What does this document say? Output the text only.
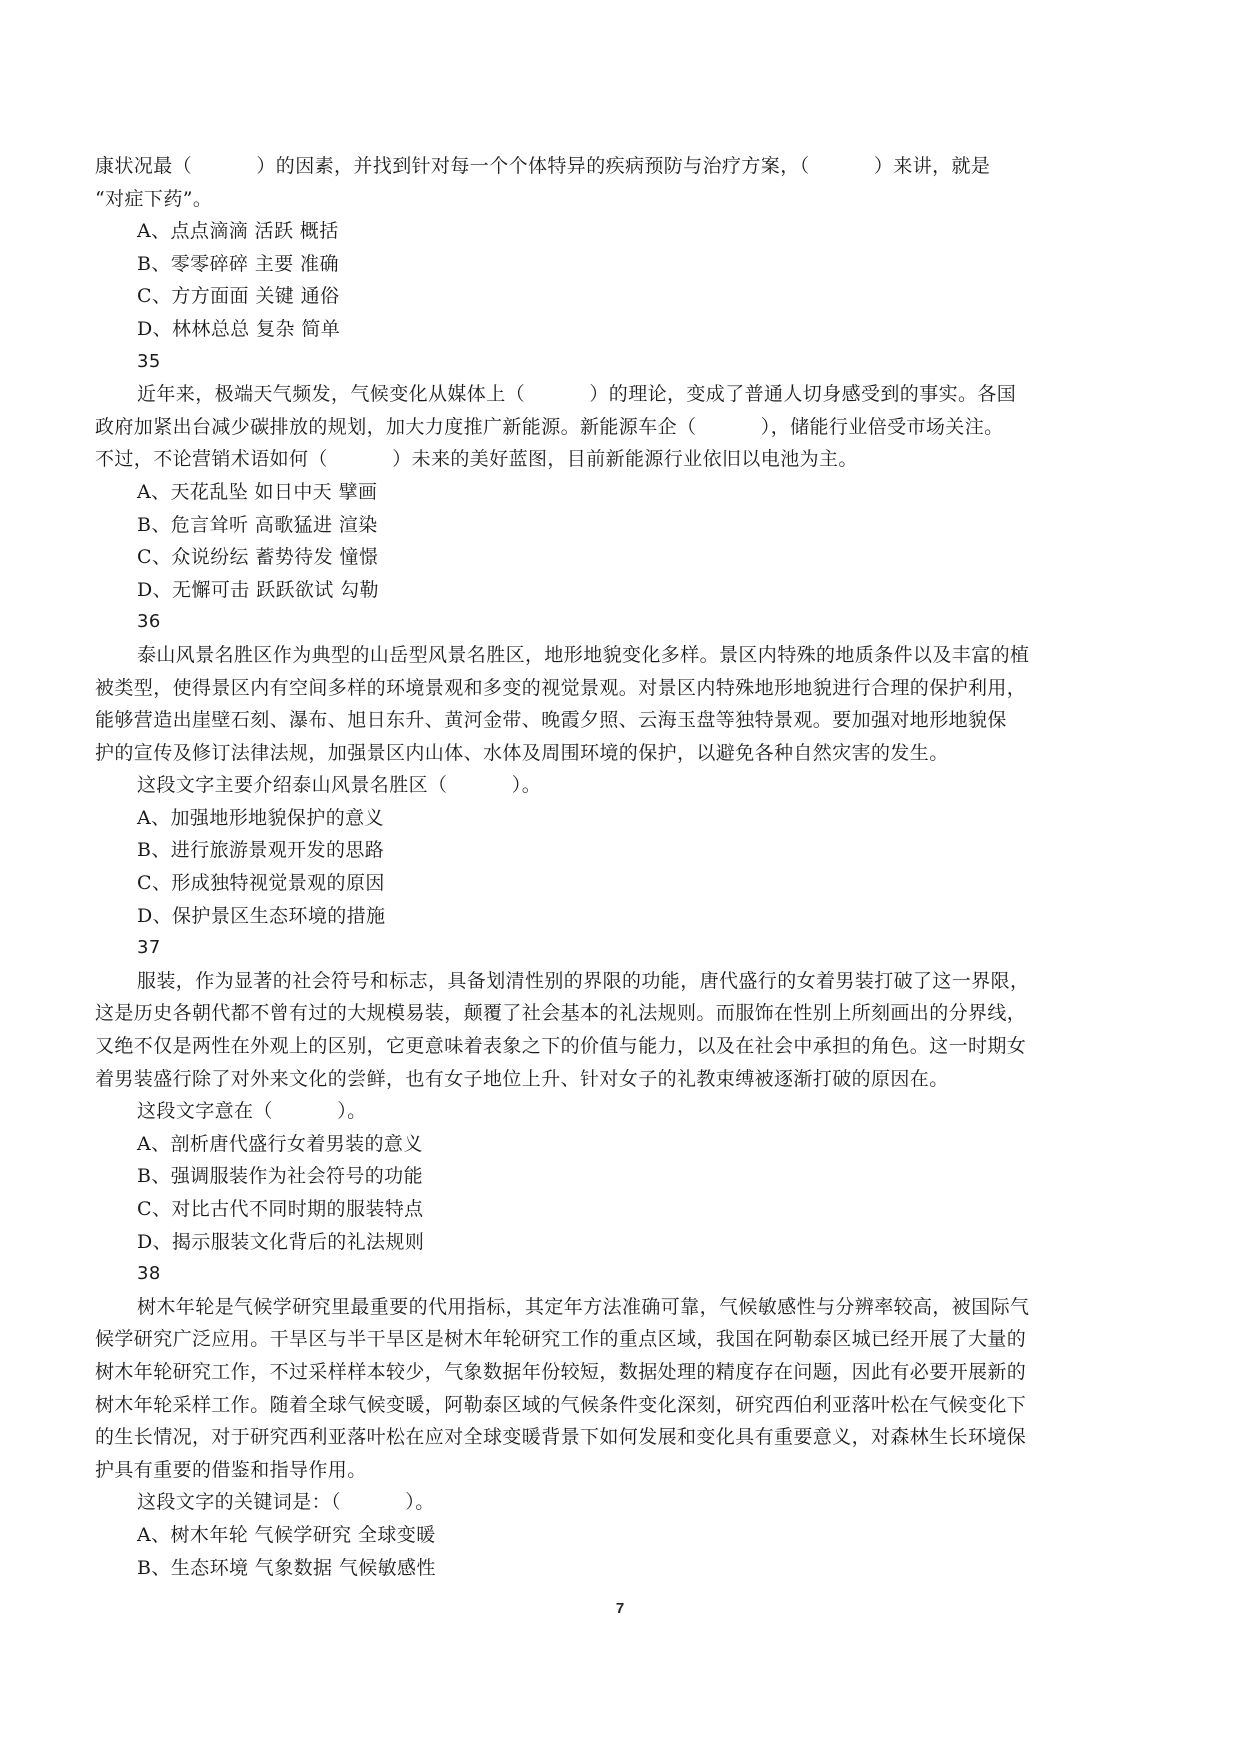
康状况最（          ）的因素，并找到针对每一个个体特异的疾病预防与治疗方案，（          ）来讲，就是
“对症下药”。
A、点点滴滴 活跃 概括
B、零零碎碎 主要 准确
C、方方面面 关键 通俗
D、林林总总 复杂 简单
35
近年来，极端天气频发，气候变化从媒体上（          ）的理论，变成了普通人切身感受到的事实。各国
政府加紧出台减少碳排放的规划，加大力度推广新能源。新能源车企（          ），储能行业倍受市场关注。
不过，不论营销术语如何（          ）未来的美好蓝图，目前新能源行业依旧以电池为主。
A、天花乱坠 如日中天 擘画
B、危言耸听 高歌猛进 渲染
C、众说纷纭 蓄势待发 憧憬
D、无懈可击 跃跃欲试 勾勒
36
泰山风景名胜区作为典型的山岳型风景名胜区，地形地貌变化多样。景区内特殊的地质条件以及丰富的植
被类型，使得景区内有空间多样的环境景观和多变的视觉景观。对景区内特殊地形地貌进行合理的保护利用，
能够营造出崖壁石刻、瀑布、旭日东升、黄河金带、晚霞夕照、云海玉盘等独特景观。要加强对地形地貌保
护的宣传及修订法律法规，加强景区内山体、水体及周围环境的保护，以避免各种自然灾害的发生。
这段文字主要介绍泰山风景名胜区（          ）。
A、加强地形地貌保护的意义
B、进行旅游景观开发的思路
C、形成独特视觉景观的原因
D、保护景区生态环境的措施
37
服装，作为显著的社会符号和标志，具备划清性别的界限的功能，唐代盛行的女着男装打破了这一界限，
这是历史各朝代都不曾有过的大规模易装，颠覆了社会基本的礼法规则。而服饰在性别上所刻画出的分界线，
又绝不仅是两性在外观上的区别，它更意味着表象之下的价值与能力，以及在社会中承担的角色。这一时期女
着男装盛行除了对外来文化的尝鲜，也有女子地位上升、针对女子的礼教束缚被逐渐打破的原因在。
这段文字意在（          ）。
A、剖析唐代盛行女着男装的意义
B、强调服装作为社会符号的功能
C、对比古代不同时期的服装特点
D、揭示服装文化背后的礼法规则
38
树木年轮是气候学研究里最重要的代用指标，其定年方法准确可靠，气候敏感性与分辨率较高，被国际气
候学研究广泛应用。干旱区与半干旱区是树木年轮研究工作的重点区域，我国在阿勒泰区城已经开展了大量的
树木年轮研究工作，不过采样样本较少，气象数据年份较短，数据处理的精度存在问题，因此有必要开展新的
树木年轮采样工作。随着全球气候变暖，阿勒泰区域的气候条件变化深刻，研究西伯利亚落叶松在气候变化下
的生长情况，对于研究西利亚落叶松在应对全球变暖背景下如何发展和变化具有重要意义，对森林生长环境保
护具有重要的借鉴和指导作用。
这段文字的关键词是：（          ）。
A、树木年轮 气候学研究 全球变暖
B、生态环境 气象数据 气候敏感性
7
